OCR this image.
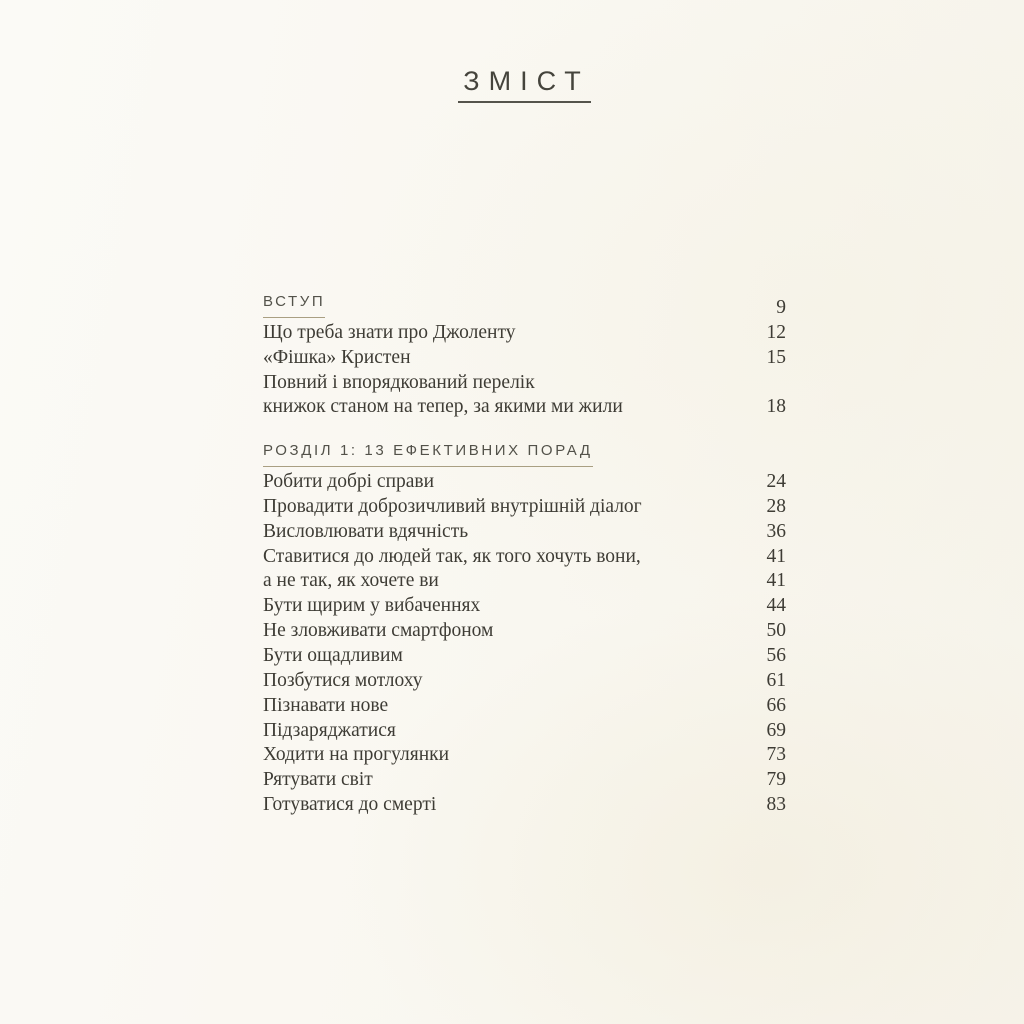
ЗМІСТ
ВСТУП	9
Що треба знати про Джоленту	12
«Фішка» Кристен	15
Повний і впорядкований перелік
книжок станом на тепер, за якими ми жили	18
РОЗДІЛ 1: 13 ЕФЕКТИВНИХ ПОРАД
Робити добрі справи	24
Провадити доброзичливий внутрішній діалог	28
Висловлювати вдячність	36
Ставитися до людей так, як того хочуть вони,	41
а не так, як хочете ви	41
Бути щирим у вибаченнях	44
Не зловживати смартфоном	50
Бути ощадливим	56
Позбутися мотлоху	61
Пізнавати нове	66
Підзаряджатися	69
Ходити на прогулянки	73
Рятувати світ	79
Готуватися до смерті	83
